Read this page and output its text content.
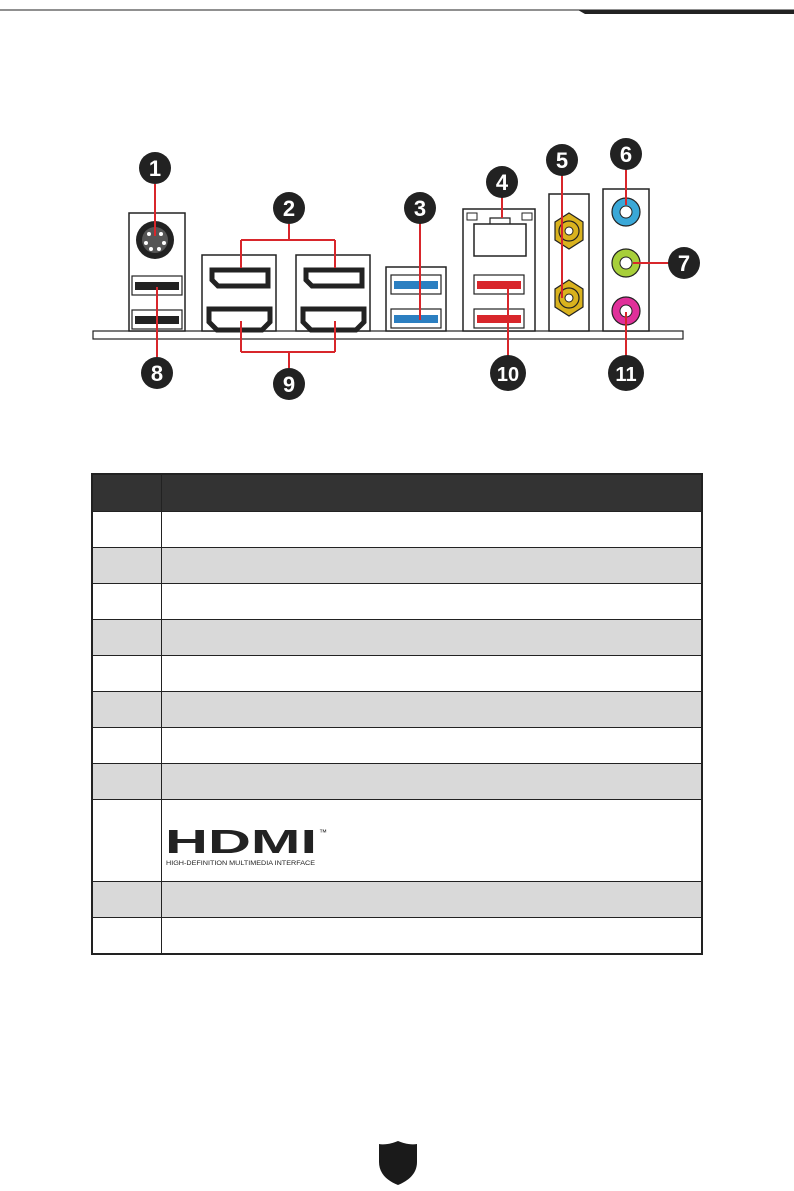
1
2	3
4
5 6
7
8	9	10	11

HDMI ™
HIGH-DEFINITION MULTIMEDIA INTERFACE
